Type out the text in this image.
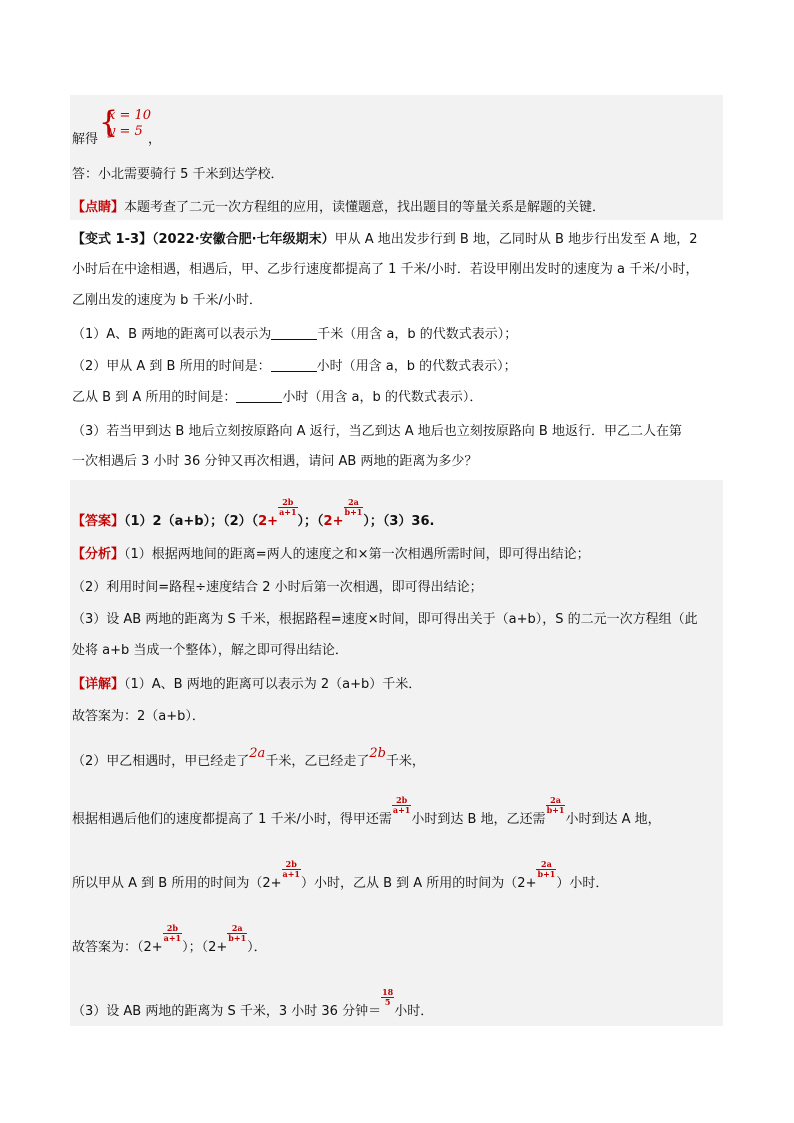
解得 {
x = 10
y = 5
，
答：小北需要骑行 5 千米到达学校．
【点睛】本题考查了二元一次方程组的应用，读懂题意，找出题目的等量关系是解题的关键．
【变式 1-3】（2022·安徽合肥·七年级期末）甲从 A 地出发步行到 B 地，乙同时从 B 地步行出发至 A 地，2
小时后在中途相遇，相遇后，甲、乙步行速度都提高了 1 千米/小时．若设甲刚出发时的速度为 a 千米/小时，
乙刚出发的速度为 b 千米/小时．
（1）A、B 两地的距离可以表示为	千米（用含 a，b 的代数式表示）；
（2）甲从 A 到 B 所用的时间是：	小时（用含 a，b 的代数式表示）；
乙从 B 到 A 所用的时间是：	小时（用含 a，b 的代数式表示）．
（3）若当甲到达 B 地后立刻按原路向 A 返行，当乙到达 A 地后也立刻按原路向 B 地返行．甲乙二人在第
一次相遇后 3 小时 36 分钟又再次相遇，请问 AB 两地的距离为多少？
【答案】（1）2（a+b）；（2）（2+
$\frac{2b}{a+1}$
）；（2+
$\frac{2a}{b+1}$
）；（3）36.
【分析】（1）根据两地间的距离=两人的速度之和×第一次相遇所需时间，即可得出结论；
（2）利用时间=路程÷速度结合 2 小时后第一次相遇，即可得出结论；
（3）设 AB 两地的距离为 S 千米，根据路程=速度×时间，即可得出关于（a+b），S 的二元一次方程组（此
处将 a+b 当成一个整体），解之即可得出结论．
【详解】（1）A、B 两地的距离可以表示为 2（a+b）千米．
故答案为：2（a+b）．
（2）甲乙相遇时，甲已经走了2a千米，乙已经走了2b千米，
根据相遇后他们的速度都提高了 1 千米/小时，得甲还需
$\frac{2b}{a+1}$
小时到达 B 地，乙还需
$\frac{2a}{b+1}$
小时到达 A 地，
所以甲从 A 到 B 所用的时间为（2+
$\frac{2b}{a+1}$
）小时，乙从 B 到 A 所用的时间为（2+
$\frac{2a}{b+1}$
）小时．
故答案为：（2+
$\frac{2b}{a+1}$
）；（2+
$\frac{2a}{b+1}$
）．
（3）设 AB 两地的距离为 S 千米，3 小时 36 分钟＝
$\frac{18}{5}$
小时．
